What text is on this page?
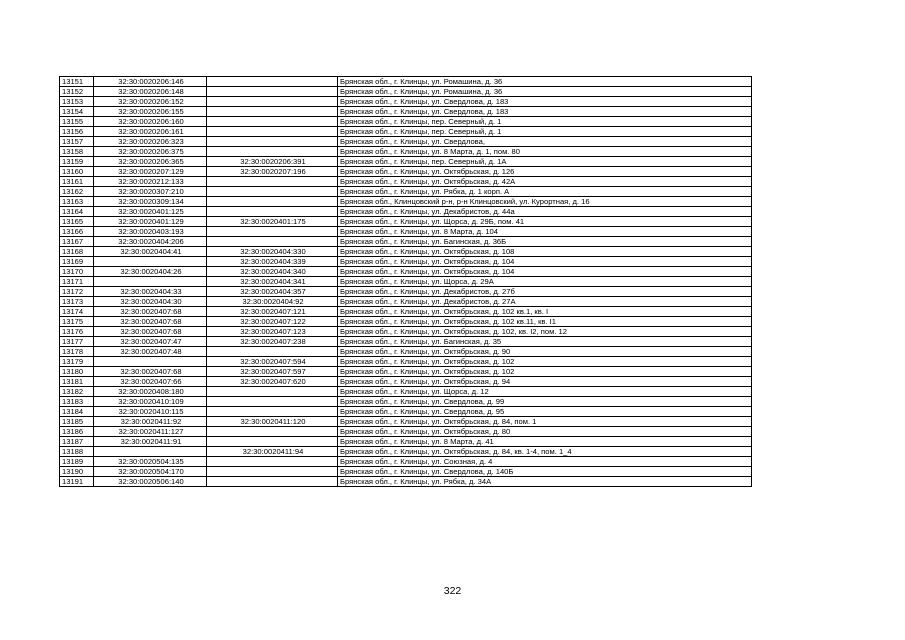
13151	32:30:0020206:146		Брянская обл., г. Клинцы, ул. Ромашина, д. 36
13152	32:30:0020206:148		Брянская обл., г. Клинцы, ул. Ромашина, д. 36
13153	32:30:0020206:152		Брянская обл., г. Клинцы, ул. Свердлова, д. 183
13154	32:30:0020206:155		Брянская обл., г. Клинцы, ул. Свердлова, д. 183
13155	32:30:0020206:160		Брянская обл., г. Клинцы, пер. Северный, д. 1
13156	32:30:0020206:161		Брянская обл., г. Клинцы, пер. Северный, д. 1
13157	32:30:0020206:323		Брянская обл., г. Клинцы, ул. Свердлова,
13158	32:30:0020206:375		Брянская обл., г. Клинцы, ул. 8 Марта, д. 1, пом. 80
13159	32:30:0020206:365	32:30:0020206:391	Брянская обл., г. Клинцы, пер. Северный, д. 1А
13160	32:30:0020207:129	32:30:0020207:196	Брянская обл., г. Клинцы, ул. Октябрьская, д. 126
13161	32:30:0020212:133		Брянская обл., г. Клинцы, ул. Октябрьская, д. 42А
13162	32:30:0020307:210		Брянская обл., г. Клинцы, ул. Рябка, д. 1 корп. А
13163	32:30:0020309:134		Брянская обл., Клинцовский р-н, р-н Клинцовский, ул. Курортная, д. 16
13164	32:30:0020401:125		Брянская обл., г. Клинцы, ул. Декабристов, д. 44а
13165	32:30:0020401:129	32:30:0020401:175	Брянская обл., г. Клинцы, ул. Щорса, д. 29Б, пом. 41
13166	32:30:0020403:193		Брянская обл., г. Клинцы, ул. 8 Марта, д. 104
13167	32:30:0020404:206		Брянская обл., г. Клинцы, ул. Багинская, д. 36Б
13168	32:30:0020404:41	32:30:0020404:330	Брянская обл., г. Клинцы, ул. Октябрьская, д. 108
13169		32:30:0020404:339	Брянская обл., г. Клинцы, ул. Октябрьская, д. 104
13170	32:30:0020404:26	32:30:0020404:340	Брянская обл., г. Клинцы, ул. Октябрьская, д. 104
13171		32:30:0020404:341	Брянская обл., г. Клинцы, ул. Щорса, д. 29А
13172	32:30:0020404:33	32:30:0020404:357	Брянская обл., г. Клинцы, ул. Декабристов, д. 27б
13173	32:30:0020404:30	32:30:0020404:92	Брянская обл., г. Клинцы, ул. Декабристов, д. 27А
13174	32:30:0020407:68	32:30:0020407:121	Брянская обл., г. Клинцы, ул. Октябрьская, д. 102 кв.1, кв. I
13175	32:30:0020407:68	32:30:0020407:122	Брянская обл., г. Клинцы, ул. Октябрьская, д. 102 кв.11, кв. I1
13176	32:30:0020407:68	32:30:0020407:123	Брянская обл., г. Клинцы, ул. Октябрьская, д. 102, кв. I2, пом. 12
13177	32:30:0020407:47	32:30:0020407:238	Брянская обл., г. Клинцы, ул. Багинская, д. 35
13178	32:30:0020407:48		Брянская обл., г. Клинцы, ул. Октябрьская, д. 90
13179		32:30:0020407:594	Брянская обл., г. Клинцы, ул. Октябрьская, д. 102
13180	32:30:0020407:68	32:30:0020407:597	Брянская обл., г. Клинцы, ул. Октябрьская, д. 102
13181	32:30:0020407:66	32:30:0020407:620	Брянская обл., г. Клинцы, ул. Октябрьская, д. 94
13182	32:30:0020408:180		Брянская обл., г. Клинцы, ул. Щорса, д. 12
13183	32:30:0020410:109		Брянская обл., г. Клинцы, ул. Свердлова, д. 99
13184	32:30:0020410:115		Брянская обл., г. Клинцы, ул. Свердлова, д. 95
13185	32:30:0020411:92	32:30:0020411:120	Брянская обл., г. Клинцы, ул. Октябрьская, д. 84, пом. 1
13186	32:30:0020411:127		Брянская обл., г. Клинцы, ул. Октябрьская, д. 80
13187	32:30:0020411:91		Брянская обл., г. Клинцы, ул. 8 Марта, д. 41
13188		32:30:0020411:94	Брянская обл., г. Клинцы, ул. Октябрьская, д. 84, кв. 1-4, пом. 1_4
13189	32:30:0020504:135		Брянская обл., г. Клинцы, ул. Союзная, д. 4
13190	32:30:0020504:170		Брянская обл., г. Клинцы, ул. Свердлова, д. 140Б
13191	32:30:0020506:140		Брянская обл., г. Клинцы, ул. Рябка, д. 34А
322
